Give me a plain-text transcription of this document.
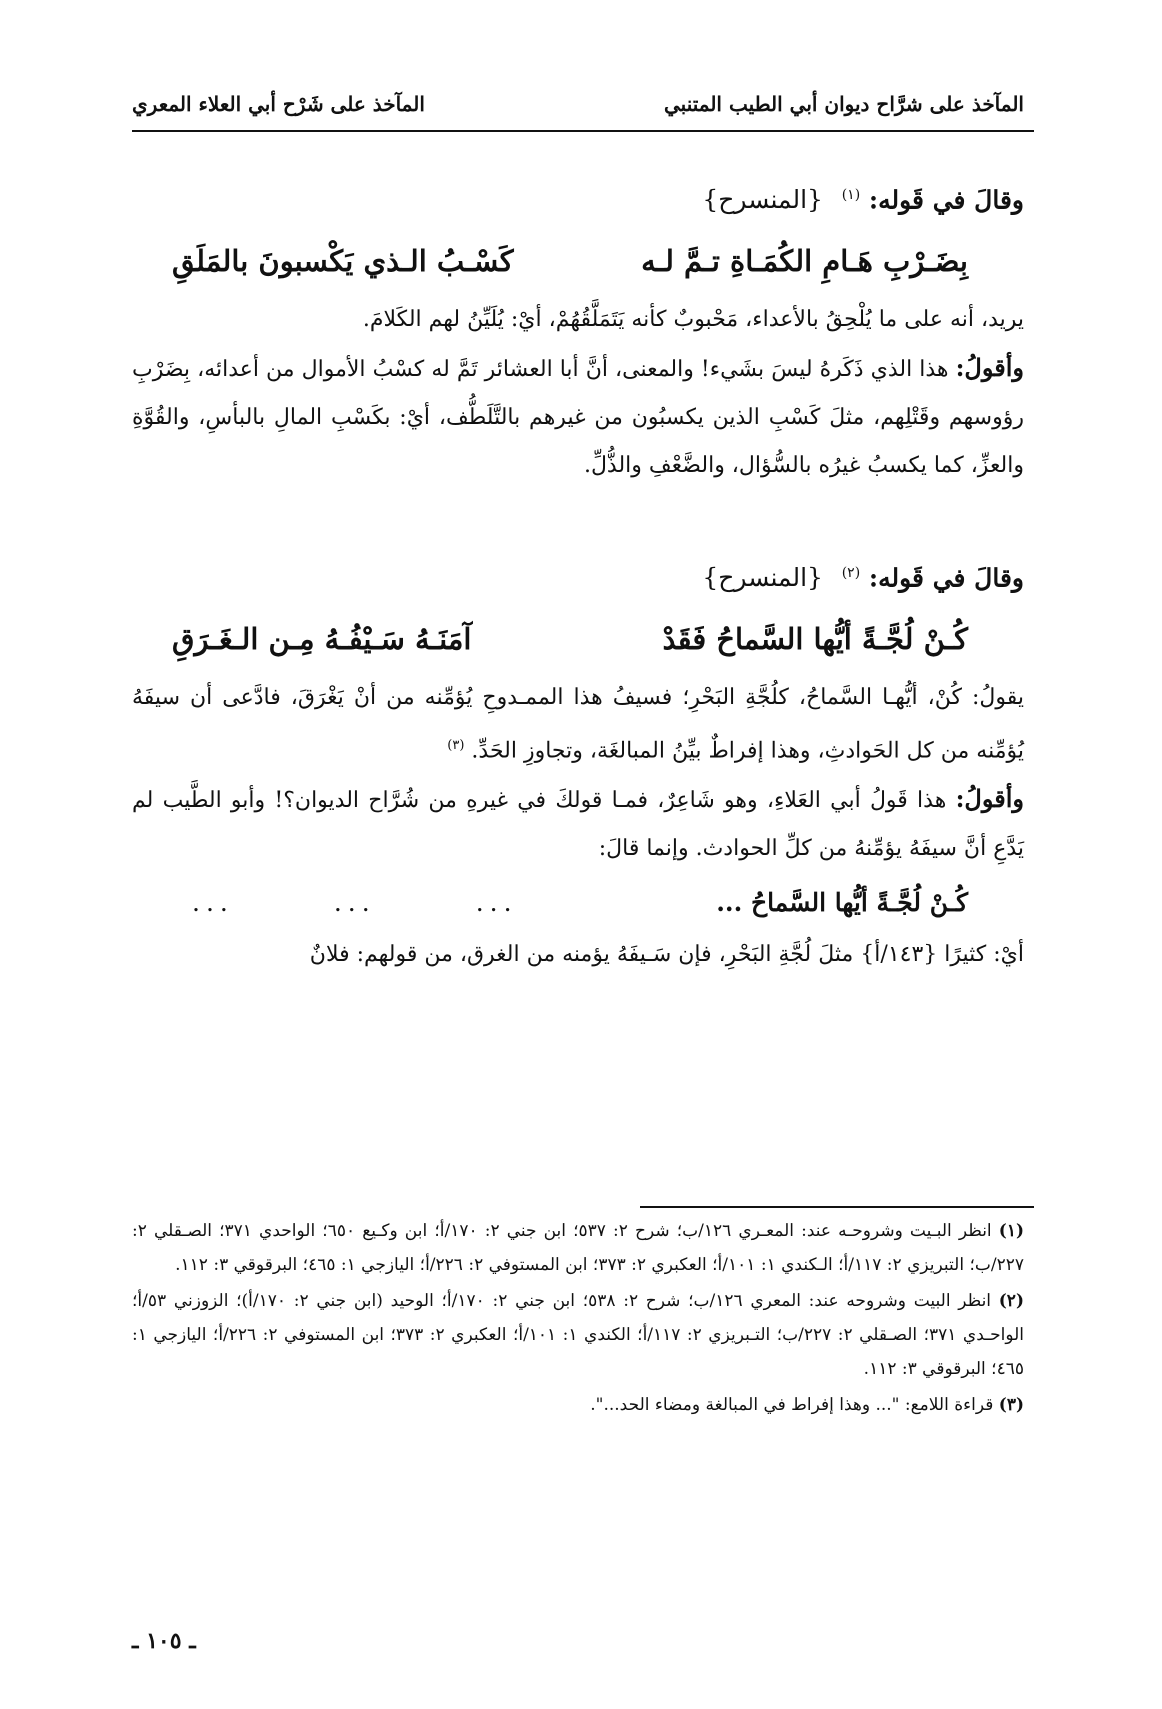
المآخذ على شرَّاح ديوان أبي الطيب المتنبي
المآخذ على شَرْح أبي العلاء المعري

وقالَ في قَوله: $^{(١)}$ {المنسرح}

بِضَـرْبِ هَـامِ الكُمَـاةِ تـمَّ لـه
كَسْـبُ الـذي يَكْسبونَ بالمَلَقِ

يريد، أنه على ما يُلْحِقُ بالأعداء، مَحْبوبٌ كأنه يَتَمَلَّقُهُمْ، أيْ: يُلَيِّنُ لهم الكَلامَ.

وأقولُ: هذا الذي ذَكَرهُ ليسَ بشَيء! والمعنى، أنَّ أبا العشائر تَمَّ له كسْبُ الأموال من أعدائه، بِضَرْبِ رؤوسهم وقَتْلِهم، مثلَ كَسْبِ الذين يكسبُون من غيرهم بالتَّلَطُّف، أيْ: بكَسْبِ المالِ بالبأسِ، والقُوَّةِ والعزِّ، كما يكسبُ غيرُه بالسُّؤال، والضَّعْفِ والذُّلِّ.

وقالَ في قَوله: $^{(٢)}$ {المنسرح}

كُـنْ لُجَّـةً أيُّها السَّماحُ فَقَدْ
آمَنَـهُ سَـيْفُـهُ مِـن الـغَـرَقِ

يقولُ: كُنْ، أيُّهـا السَّماحُ، كلُجَّةِ البَحْرِ؛ فسيفُ هذا الممـدوحِ يُؤمِّنه من أنْ يَغْرَقَ، فادَّعى أن سيفَهُ يُؤمِّنه من كل الحَوادثِ، وهذا إفراطٌ بيِّنُ المبالغَة، وتجاوزِ الحَدِّ. $^{(٣)}$

وأقولُ: هذا قَولُ أبي العَلاءِ، وهو شَاعِرٌ، فمـا قولكَ في غيرهِ من شُرَّاح الديوان؟! وأبو الطَّيب لم يَدَّعِ أنَّ سيفَهُ يؤمِّنهُ من كلِّ الحوادث. وإنما قالَ:

كُـنْ لُجَّـةً أيُّها السَّماحُ ...
...
...
...

أيْ: كثيرًا {١٤٣/أ} مثلَ لُجَّةِ البَحْرِ، فإن سَـيفَهُ يؤمنه من الغرق، من قولهم: فلانٌ

(١) انظر البـيت وشروحـه عند: المعـري ١٢٦/ب؛ شرح ٢: ٥٣٧؛ ابن جني ٢: ١٧٠/أ؛ ابن وكـيع ٦٥٠؛ الواحدي ٣٧١؛ الصـقلي ٢: ٢٢٧/ب؛ التبريزي ٢: ١١٧/أ؛ الـكندي ١: ١٠١/أ؛ العكبري ٢: ٣٧٣؛ ابن المستوفي ٢: ٢٢٦/أ؛ اليازجي ١: ٤٦٥؛ البرقوقي ٣: ١١٢.

(٢) انظر البيت وشروحه عند: المعري ١٢٦/ب؛ شرح ٢: ٥٣٨؛ ابن جني ٢: ١٧٠/أ؛ الوحيد (ابن جني ٢: ١٧٠/أ)؛ الزوزني ٥٣/أ؛ الواحـدي ٣٧١؛ الصـقلي ٢: ٢٢٧/ب؛ التـبريزي ٢: ١١٧/أ؛ الكندي ١: ١٠١/أ؛ العكبري ٢: ٣٧٣؛ ابن المستوفي ٢: ٢٢٦/أ؛ اليازجي ١: ٤٦٥؛ البرقوقي ٣: ١١٢.

(٣) قراءة اللامع: "... وهذا إفراط في المبالغة ومضاء الحد...".

ـ ١٠٥ ـ
